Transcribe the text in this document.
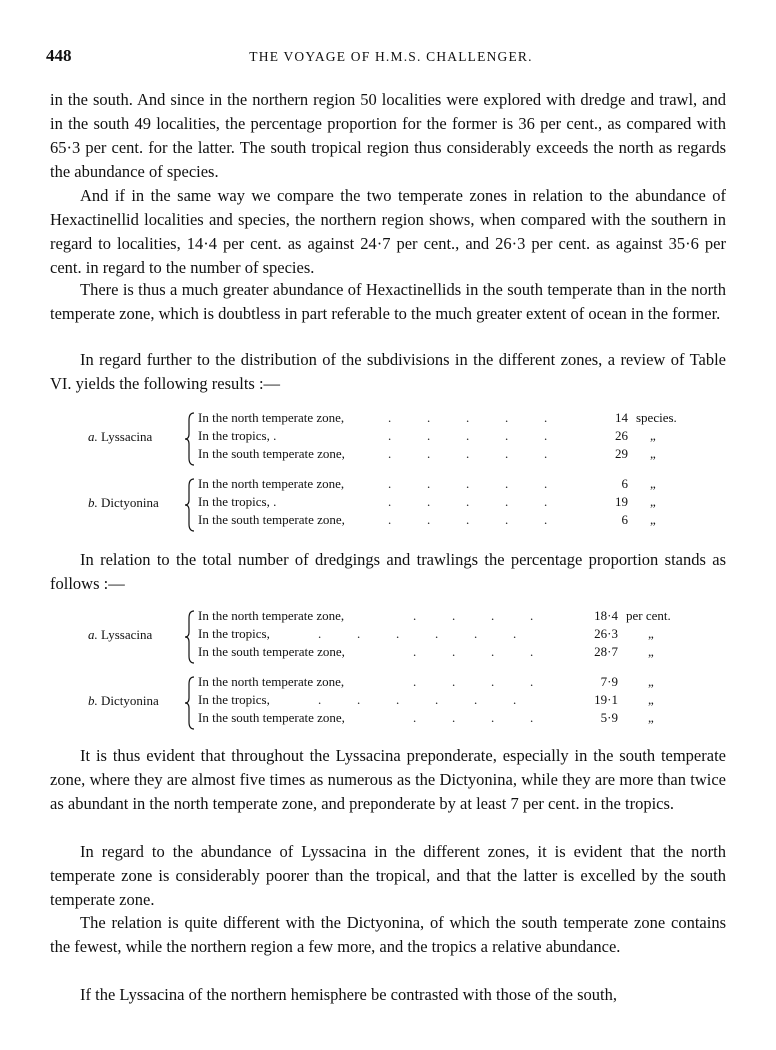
448	THE VOYAGE OF H.M.S. CHALLENGER.

in the south. And since in the northern region 50 localities were explored with dredge and trawl, and in the south 49 localities, the percentage proportion for the former is 36 per cent., as compared with 65·3 per cent. for the latter. The south tropical region thus considerably exceeds the north as regards the abundance of species.

And if in the same way we compare the two temperate zones in relation to the abundance of Hexactinellid localities and species, the northern region shows, when compared with the southern in regard to localities, 14·4 per cent. as against 24·7 per cent., and 26·3 per cent. as against 35·6 per cent. in regard to the number of species.

There is thus a much greater abundance of Hexactinellids in the south temperate than in the north temperate zone, which is doubtless in part referable to the much greater extent of ocean in the former.

In regard further to the distribution of the subdivisions in the different zones, a review of Table VI. yields the following results :—

a. Lyssacina
In the north temperate zone,	.           .           .           .           .	14 species.
In the tropics, .	.           .           .           .           .	26 „
In the south temperate zone,	.           .           .           .           .	29 „
b. Dictyonina
In the north temperate zone,	.           .           .           .           .	6 „
In the tropics, .	.           .           .           .           .	19 „
In the south temperate zone,	.           .           .           .           .	6 „

In relation to the total number of dredgings and trawlings the percentage proportion stands as follows :—

a. Lyssacina
In the north temperate zone,	.           .           .           .	18·4 per cent.
In the tropics,	.           .           .           .           .           .	26·3 „
In the south temperate zone,	.           .           .           .	28·7 „
b. Dictyonina
In the north temperate zone,	.           .           .           .	7·9 „
In the tropics,	.           .           .           .           .           .	19·1 „
In the south temperate zone,	.           .           .           .	5·9 „

It is thus evident that throughout the Lyssacina preponderate, especially in the south temperate zone, where they are almost five times as numerous as the Dictyonina, while they are more than twice as abundant in the north temperate zone, and preponderate by at least 7 per cent. in the tropics.

In regard to the abundance of Lyssacina in the different zones, it is evident that the north temperate zone is considerably poorer than the tropical, and that the latter is excelled by the south temperate zone.

The relation is quite different with the Dictyonina, of which the south temperate zone contains the fewest, while the northern region a few more, and the tropics a relative abundance.

If the Lyssacina of the northern hemisphere be contrasted with those of the south,
